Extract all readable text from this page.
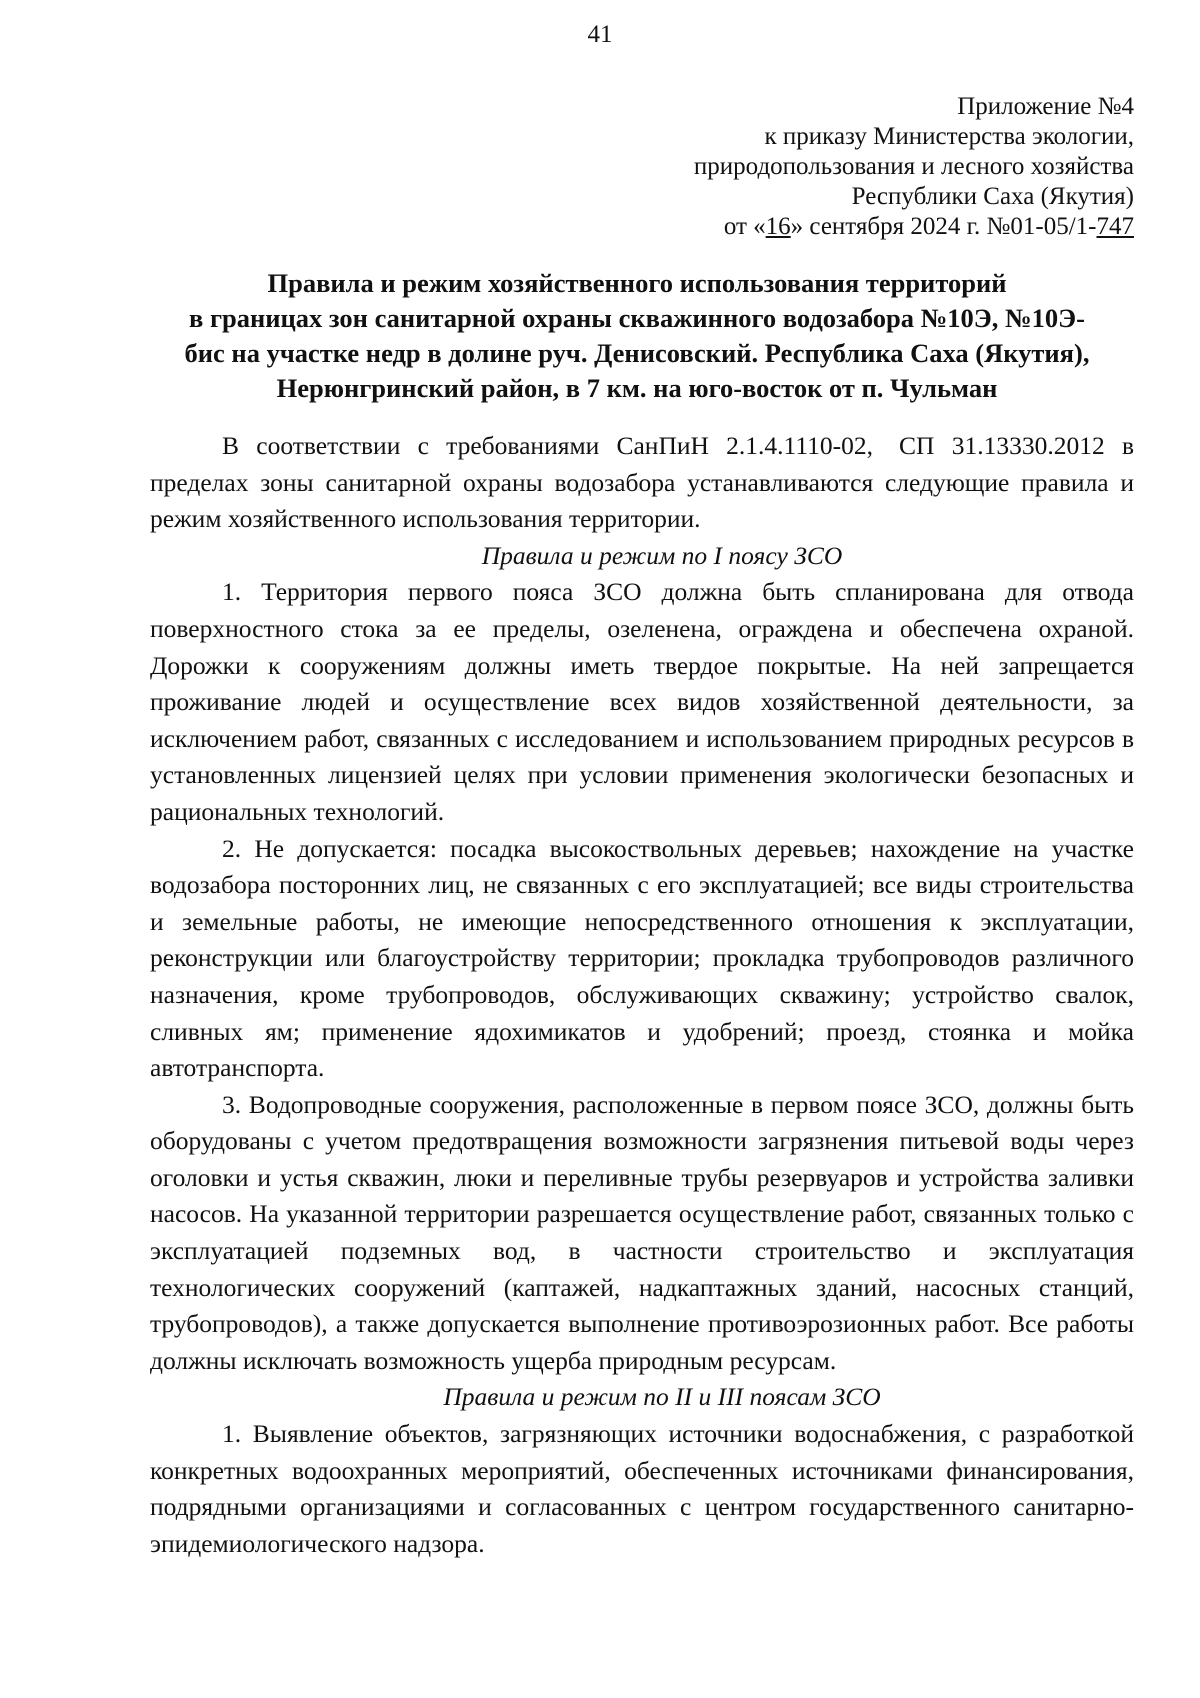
41
Приложение №4
к приказу Министерства экологии,
природопользования и лесного хозяйства
Республики Саха (Якутия)
от «16» сентября 2024 г. №01-05/1-747
Правила и режим хозяйственного использования территорий
в границах зон санитарной охраны скважинного водозабора №10Э, №10Э-
бис на участке недр в долине руч. Денисовский. Республика Саха (Якутия),
Нерюнгринский район, в 7 км. на юго-восток от п. Чульман

В соответствии с требованиями СанПиН 2.1.4.1110-02, СП 31.13330.2012 в пределах зоны санитарной охраны водозабора устанавливаются следующие правила и режим хозяйственного использования территории.

Правила и режим по I поясу ЗСО

1. Территория первого пояса ЗСО должна быть спланирована для отвода поверхностного стока за ее пределы, озеленена, ограждена и обеспечена охраной. Дорожки к сооружениям должны иметь твердое покрытые. На ней запрещается проживание людей и осуществление всех видов хозяйственной деятельности, за исключением работ, связанных с исследованием и использованием природных ресурсов в установленных лицензией целях при условии применения экологически безопасных и рациональных технологий.

2. Не допускается: посадка высокоствольных деревьев; нахождение на участке водозабора посторонних лиц, не связанных с его эксплуатацией; все виды строительства и земельные работы, не имеющие непосредственного отношения к эксплуатации, реконструкции или благоустройству территории; прокладка трубопроводов различного назначения, кроме трубопроводов, обслуживающих скважину; устройство свалок, сливных ям; применение ядохимикатов и удобрений; проезд, стоянка и мойка автотранспорта.

3. Водопроводные сооружения, расположенные в первом поясе ЗСО, должны быть оборудованы с учетом предотвращения возможности загрязнения питьевой воды через оголовки и устья скважин, люки и переливные трубы резервуаров и устройства заливки насосов. На указанной территории разрешается осуществление работ, связанных только с эксплуатацией подземных вод, в частности строительство и эксплуатация технологических сооружений (каптажей, надкаптажных зданий, насосных станций, трубопроводов), а также допускается выполнение противоэрозионных работ. Все работы должны исключать возможность ущерба природным ресурсам.

Правила и режим по II и III поясам ЗСО

1. Выявление объектов, загрязняющих источники водоснабжения, с разработкой конкретных водоохранных мероприятий, обеспеченных источниками финансирования, подрядными организациями и согласованных с центром государственного санитарно-эпидемиологического надзора.
